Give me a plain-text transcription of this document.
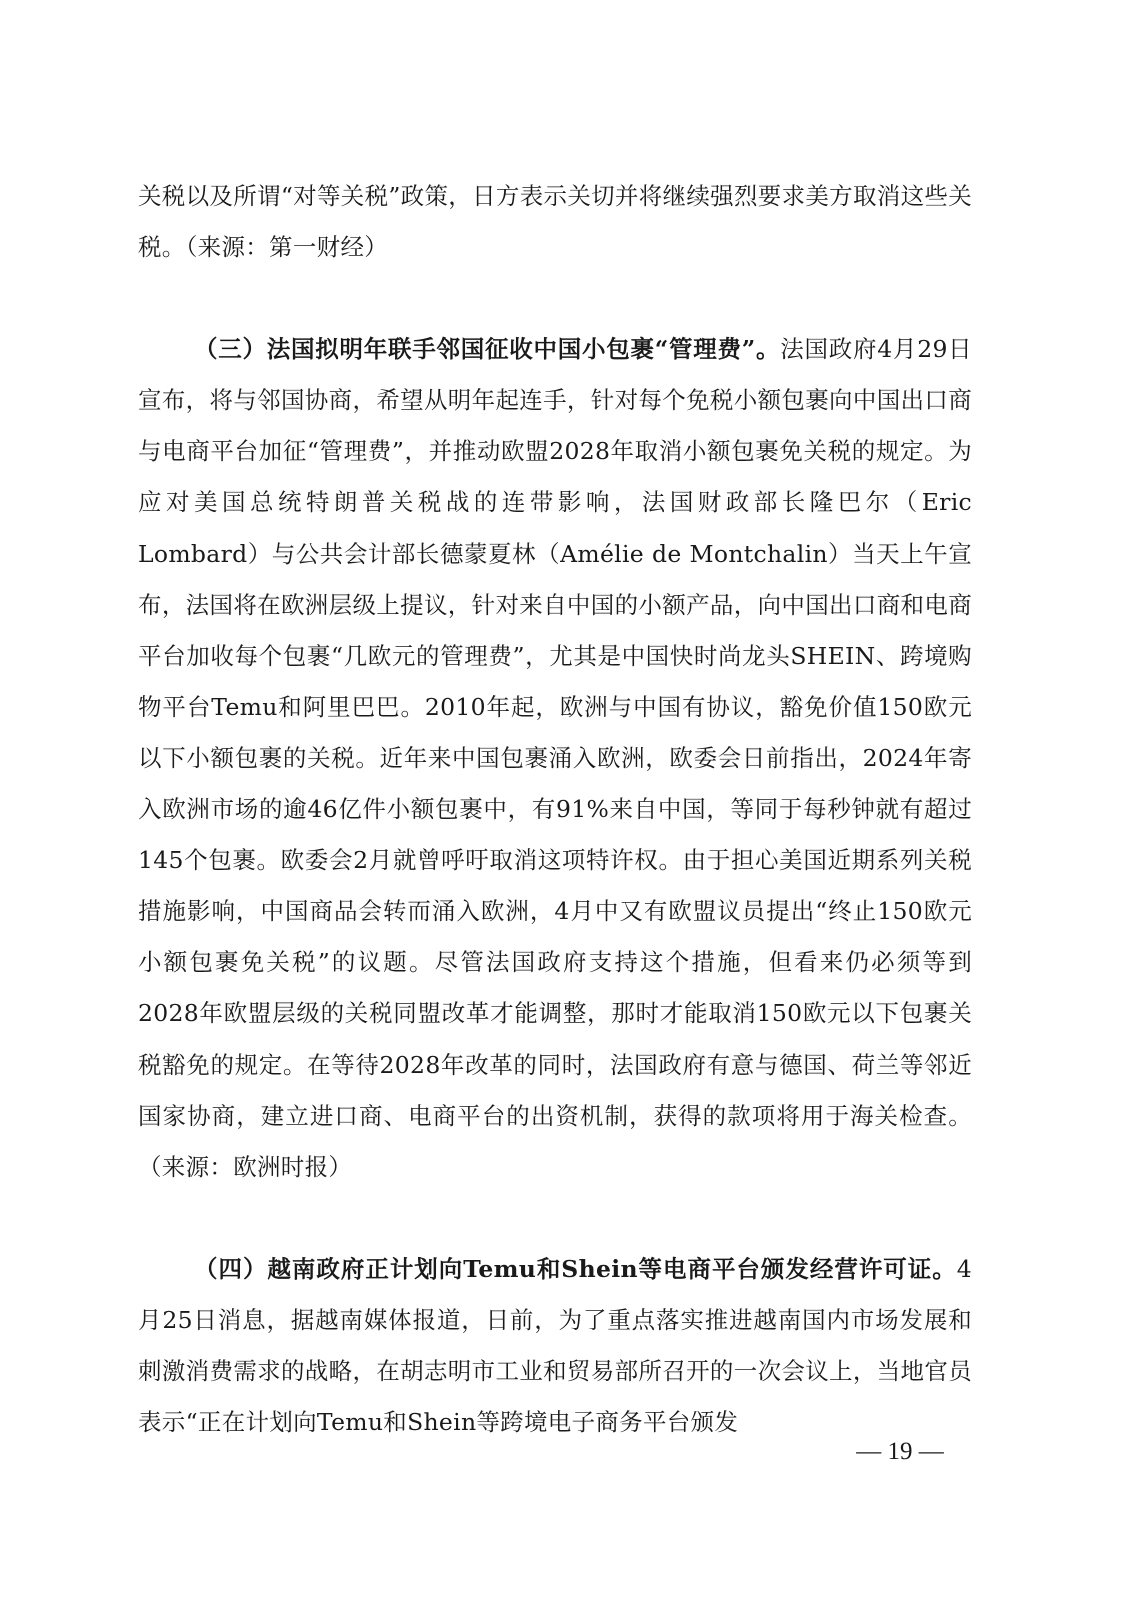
关税以及所谓“对等关税”政策，日方表示关切并将继续强烈要求美方取消这些关税。（来源：第一财经）

（三）法国拟明年联手邻国征收中国小包裹“管理费”。法国政府4月29日宣布，将与邻国协商，希望从明年起连手，针对每个免税小额包裹向中国出口商与电商平台加征“管理费”，并推动欧盟2028年取消小额包裹免关税的规定。为应对美国总统特朗普关税战的连带影响，法国财政部长隆巴尔（Eric Lombard）与公共会计部长德蒙夏林（Amélie de Montchalin）当天上午宣布，法国将在欧洲层级上提议，针对来自中国的小额产品，向中国出口商和电商平台加收每个包裹“几欧元的管理费”，尤其是中国快时尚龙头SHEIN、跨境购物平台Temu和阿里巴巴。2010年起，欧洲与中国有协议，豁免价值150欧元以下小额包裹的关税。近年来中国包裹涌入欧洲，欧委会日前指出，2024年寄入欧洲市场的逾46亿件小额包裹中，有91%来自中国，等同于每秒钟就有超过145个包裹。欧委会2月就曾呼吁取消这项特许权。由于担心美国近期系列关税措施影响，中国商品会转而涌入欧洲，4月中又有欧盟议员提出“终止150欧元小额包裹免关税”的议题。尽管法国政府支持这个措施，但看来仍必须等到2028年欧盟层级的关税同盟改革才能调整，那时才能取消150欧元以下包裹关税豁免的规定。在等待2028年改革的同时，法国政府有意与德国、荷兰等邻近国家协商，建立进口商、电商平台的出资机制，获得的款项将用于海关检查。（来源：欧洲时报）

（四）越南政府正计划向Temu和Shein等电商平台颁发经营许可证。4月25日消息，据越南媒体报道，日前，为了重点落实推进越南国内市场发展和刺激消费需求的战略，在胡志明市工业和贸易部所召开的一次会议上，当地官员表示“正在计划向Temu和Shein等跨境电子商务平台颁发

— 19 —
